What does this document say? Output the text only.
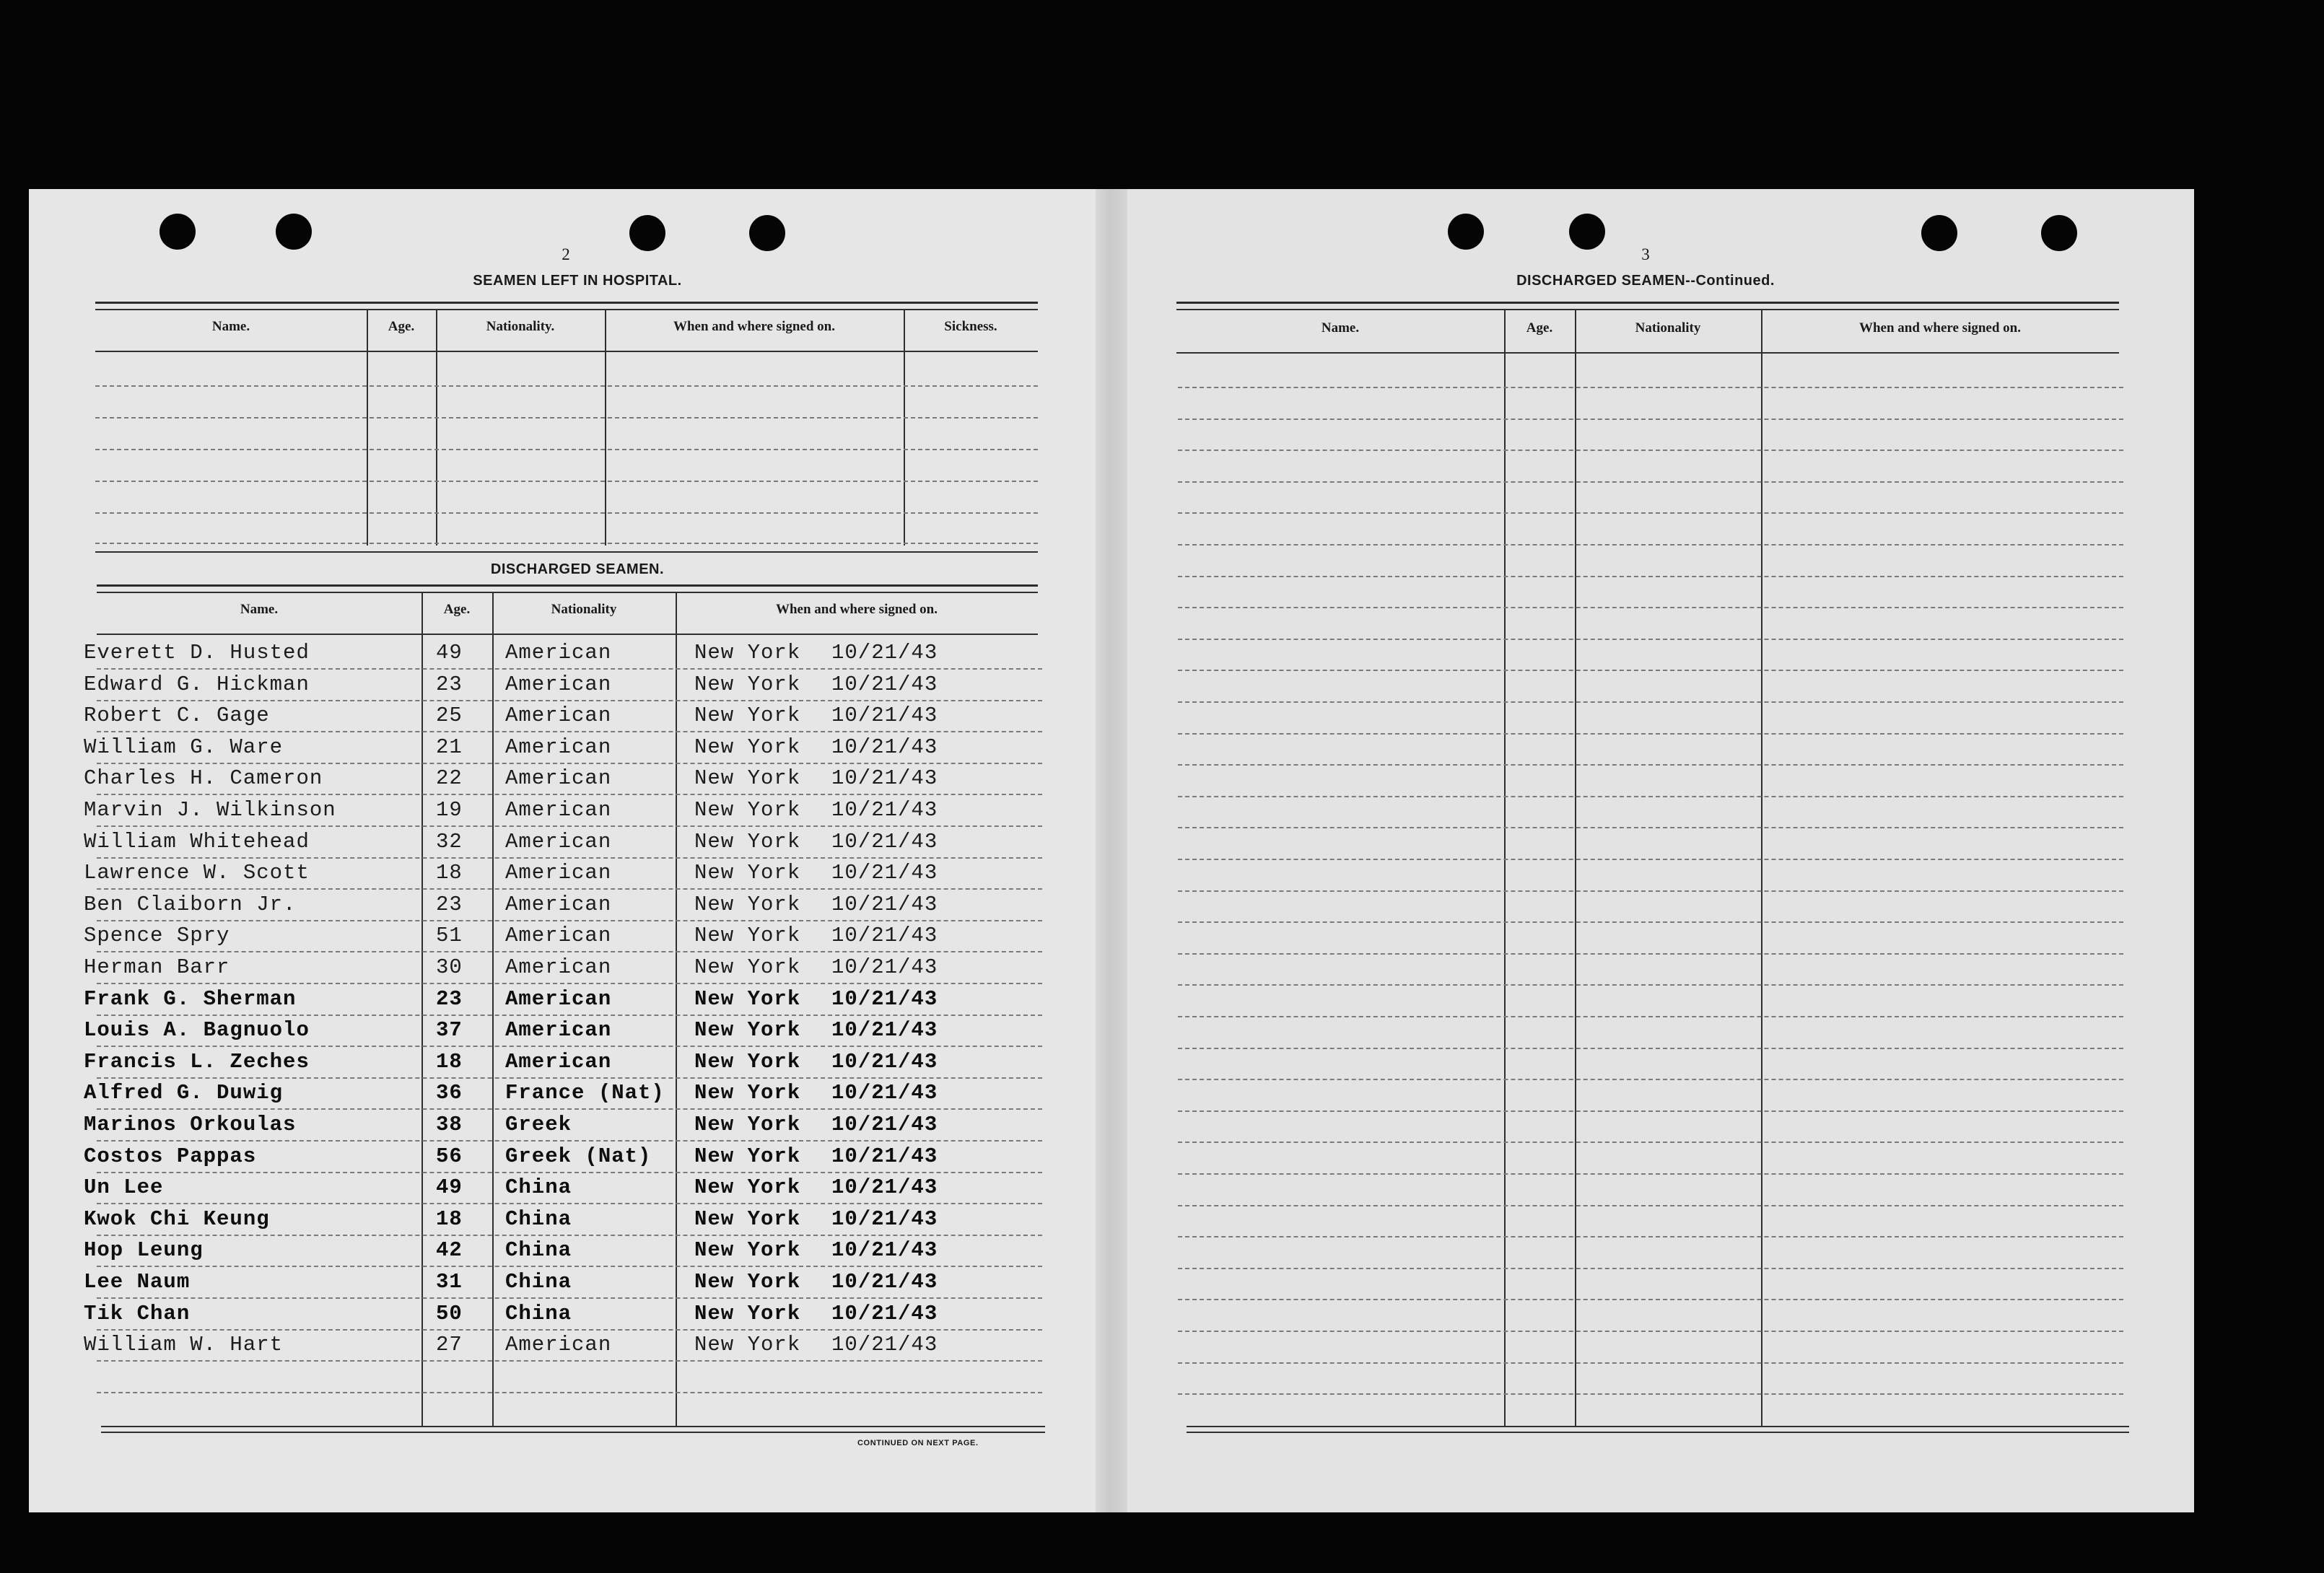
2
SEAMEN LEFT IN HOSPITAL.
Name.	Age.	Nationality.	When and where signed on.	Sickness.
DISCHARGED SEAMEN.
Name.	Age.	Nationality	When and where signed on.
Everett D. Husted	49 American	New York 10/21/43
Edward G. Hickman	23 American	New York 10/21/43
Robert C. Gage	25 American	New York 10/21/43
William G. Ware	21 American	New York 10/21/43
Charles H. Cameron	22 American	New York 10/21/43
Marvin J. Wilkinson	19 American	New York 10/21/43
William Whitehead	32 American	New York 10/21/43
Lawrence W. Scott	18 American	New York 10/21/43
Ben Claiborn Jr.	23 American	New York 10/21/43
Spence Spry	51 American	New York 10/21/43
Herman Barr	30 American	New York 10/21/43
Frank G. Sherman	23 American	New York 10/21/43
Louis A. Bagnuolo	37 American	New York 10/21/43
Francis L. Zeches	18 American	New York 10/21/43
Alfred G. Duwig	36 France (Nat) New York 10/21/43
Marinos Orkoulas	38 Greek	New York 10/21/43
Costos Pappas	56 Greek (Nat) New York 10/21/43
Un Lee	49 China	New York 10/21/43
Kwok Chi Keung	18 China	New York 10/21/43
Hop Leung	42 China	New York 10/21/43
Lee Naum	31 China	New York 10/21/43
Tik Chan	50 China	New York 10/21/43
William W. Hart	27 American	New York 10/21/43
CONTINUED ON NEXT PAGE.
3
DISCHARGED SEAMEN--Continued.
Name.	Age.	Nationality	When and where signed on.
